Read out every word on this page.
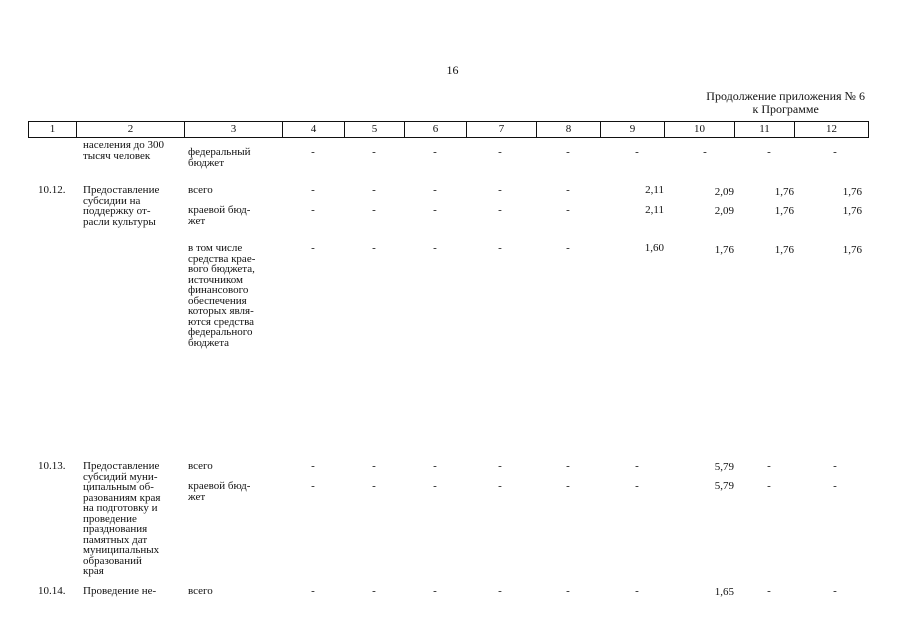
16
Продолжение приложения № 6
к Программе
1	2	3	4	5	6	7	8	9	10	11	12
населения до 300
тысяч человек	федеральный
бюджет
-	-	-	-	-	-	-	-	-
10.12. Предоставление
субсидии на
поддержку от-
расли культуры
всего	-	-	-	-	-	2,11	2,09	1,76	1,76
краевой бюд-
жет
-	-	-	-	-	2,11	2,09	1,76	1,76
в том числе
средства крае-
вого бюджета,
источником
финансового
обеспечения
которых явля-
ются средства
федерального
бюджета
-	-	-	-	-	1,60	1,76	1,76	1,76
10.13. Предоставление
субсидий муни-
ципальным об-
разованиям края
на подготовку и
проведение
празднования
памятных дат
муниципальных
образований
края
всего	-	-	-	-	-	-	5,79	-	-
краевой бюд-
жет
-	-	-	-	-	-	5,79	-	-
10.14. Проведение не-	всего	-	-	-	-	-	-	1,65	-	-
